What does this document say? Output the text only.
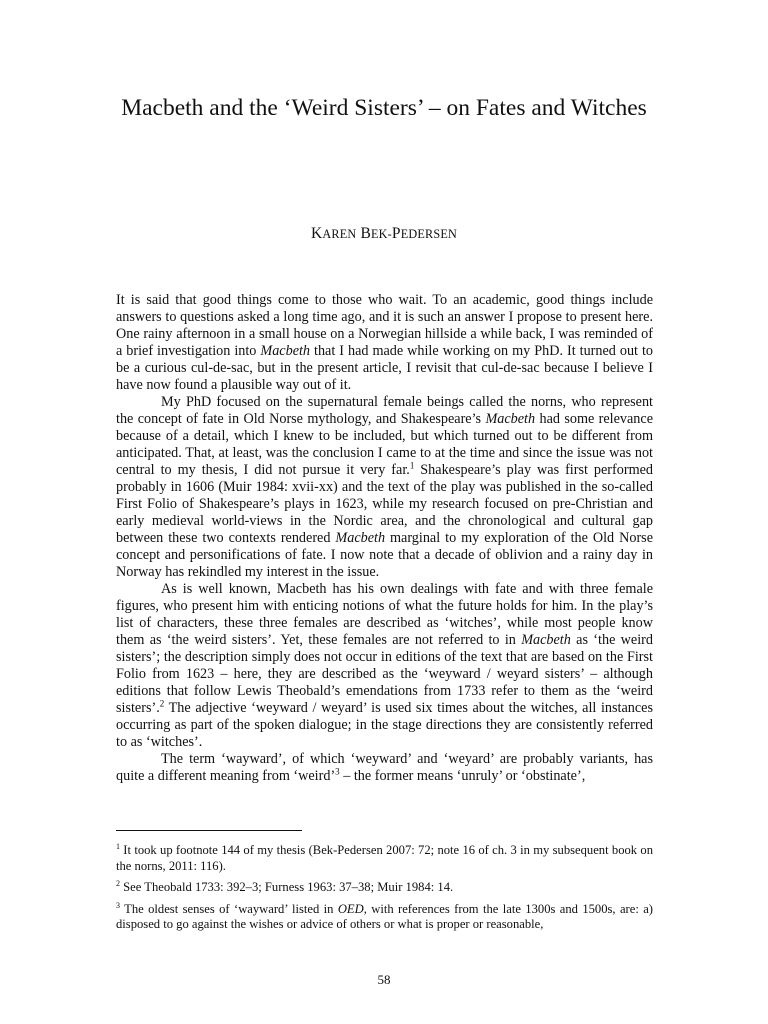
Macbeth and the ‘Weird Sisters’ – on Fates and Witches
KAREN BEK-PEDERSEN

It is said that good things come to those who wait. To an academic, good things include answers to questions asked a long time ago, and it is such an answer I propose to present here. One rainy afternoon in a small house on a Norwegian hillside a while back, I was reminded of a brief investigation into Macbeth that I had made while working on my PhD. It turned out to be a curious cul-de-sac, but in the present article, I revisit that cul-de-sac because I believe I have now found a plausible way out of it.

My PhD focused on the supernatural female beings called the norns, who represent the concept of fate in Old Norse mythology, and Shakespeare’s Macbeth had some relevance because of a detail, which I knew to be included, but which turned out to be different from anticipated. That, at least, was the conclusion I came to at the time and since the issue was not central to my thesis, I did not pursue it very far.$^1$ Shakespeare’s play was first performed probably in 1606 (Muir 1984: xvii-xx) and the text of the play was published in the so-called First Folio of Shakespeare’s plays in 1623, while my research focused on pre-Christian and early medieval world-views in the Nordic area, and the chronological and cultural gap between these two contexts rendered Macbeth marginal to my exploration of the Old Norse concept and personifications of fate. I now note that a decade of oblivion and a rainy day in Norway has rekindled my interest in the issue.

As is well known, Macbeth has his own dealings with fate and with three female figures, who present him with enticing notions of what the future holds for him. In the play’s list of characters, these three females are described as ‘witches’, while most people know them as ‘the weird sisters’. Yet, these females are not referred to in Macbeth as ‘the weird sisters’; the description simply does not occur in editions of the text that are based on the First Folio from 1623 – here, they are described as the ‘weyward / weyard sisters’ – although editions that follow Lewis Theobald’s emendations from 1733 refer to them as the ‘weird sisters’.$^2$ The adjective ‘weyward / weyard’ is used six times about the witches, all instances occurring as part of the spoken dialogue; in the stage directions they are consistently referred to as ‘witches’.

The term ‘wayward’, of which ‘weyward’ and ‘weyard’ are probably variants, has quite a different meaning from ‘weird’$^3$ – the former means ‘unruly’ or ‘obstinate’,

$^1$ It took up footnote 144 of my thesis (Bek-Pedersen 2007: 72; note 16 of ch. 3 in my subsequent book on the norns, 2011: 116).

$^2$ See Theobald 1733: 392–3; Furness 1963: 37–38; Muir 1984: 14.

$^3$ The oldest senses of ‘wayward’ listed in OED, with references from the late 1300s and 1500s, are: a) disposed to go against the wishes or advice of others or what is proper or reasonable,

58
